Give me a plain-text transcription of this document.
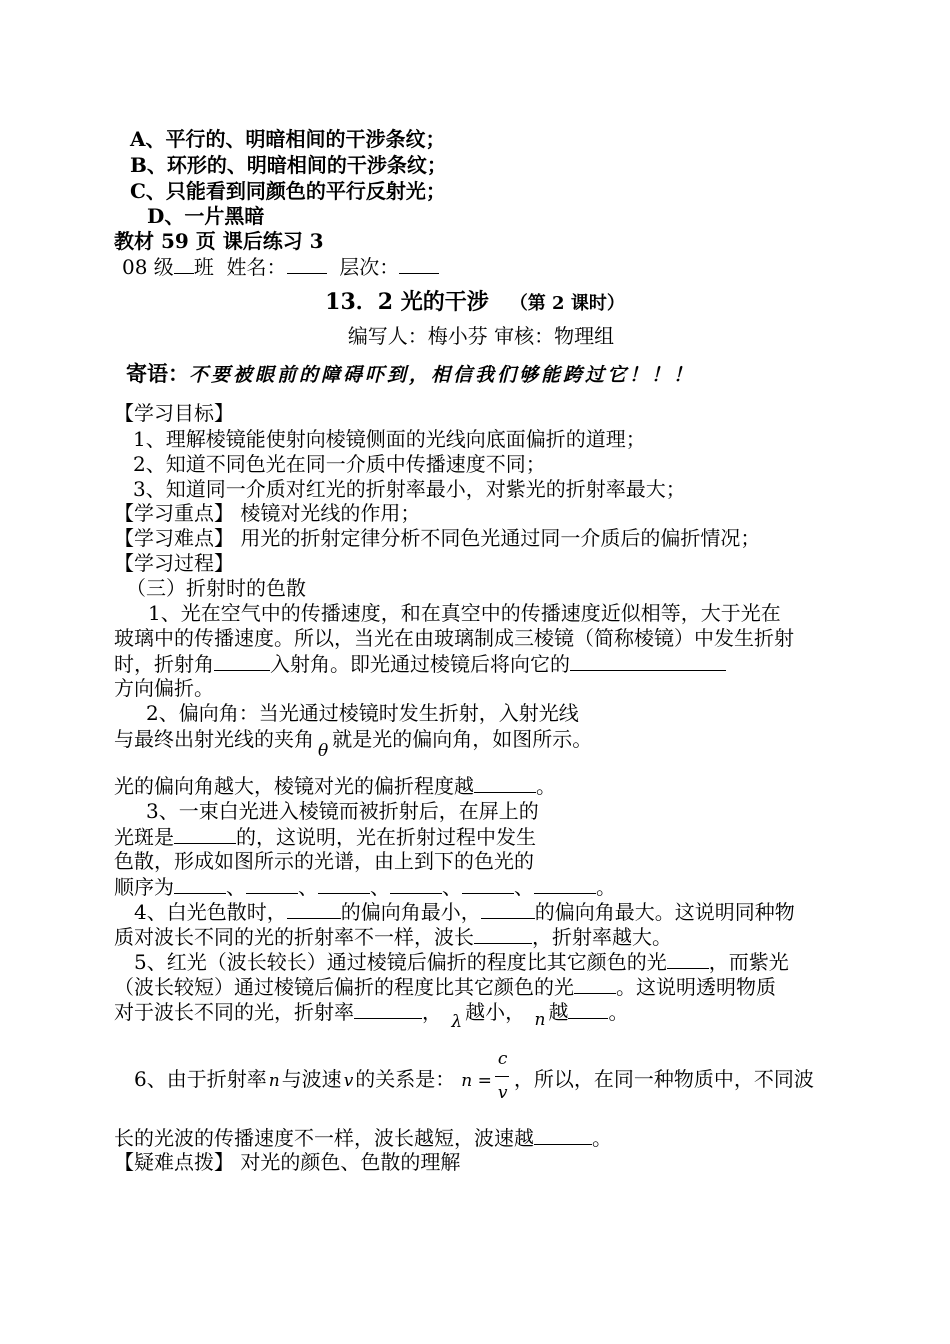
A、平行的、明暗相间的干涉条纹；
B、环形的、明暗相间的干涉条纹；
C、只能看到同颜色的平行反射光；
D、一片黑暗
教材 59 页 课后练习 3
08 级 班 姓名：	层次：
13．2 光的干涉 （第 2 课时）
编写人：梅小芬 审核：物理组
寄语：不要被眼前的障碍吓到，相信我们够能跨过它！！！
【学习目标】
1、理解棱镜能使射向棱镜侧面的光线向底面偏折的道理；
2、知道不同色光在同一介质中传播速度不同；
3、知道同一介质对红光的折射率最小，对紫光的折射率最大；
【学习重点】 棱镜对光线的作用；
【学习难点】 用光的折射定律分析不同色光通过同一介质后的偏折情况；
【学习过程】
（三）折射时的色散
1、光在空气中的传播速度，和在真空中的传播速度近似相等，大于光在
玻璃中的传播速度。所以，当光在由玻璃制成三棱镜（简称棱镜）中发生折射
时，折射角	入射角。即光通过棱镜后将向它的
方向偏折。
2、偏向角：当光通过棱镜时发生折射，入射光线
与最终出射光线的夹角 $_\theta$ 就是光的偏向角，如图所示。
光的偏向角越大，棱镜对光的偏折程度越	。
3、一束白光进入棱镜而被折射后，在屏上的
光斑是	的，这说明，光在折射过程中发生
色散，形成如图所示的光谱，由上到下的色光的
顺序为	、	、	、	、	、	。
4、白光色散时，	的偏向角最小，	的偏向角最大。这说明同种物
质对波长不同的光的折射率不一样，波长	，折射率越大。
5、红光（波长较长）通过棱镜后偏折的程度比其它颜色的光 ，而紫光
（波长较短）通过棱镜后偏折的程度比其它颜色的光 。这说明透明物质
对于波长不同的光，折射率	， $_\lambda$ 越小， $_n$ 越 。
6、由于折射率 n 与波速 v 的关系是： $n = \frac{c}{v}$ ，所以，在同一种物质中，不同波
长的光波的传播速度不一样，波长越短，波速越	。
【疑难点拨】 对光的颜色、色散的理解
